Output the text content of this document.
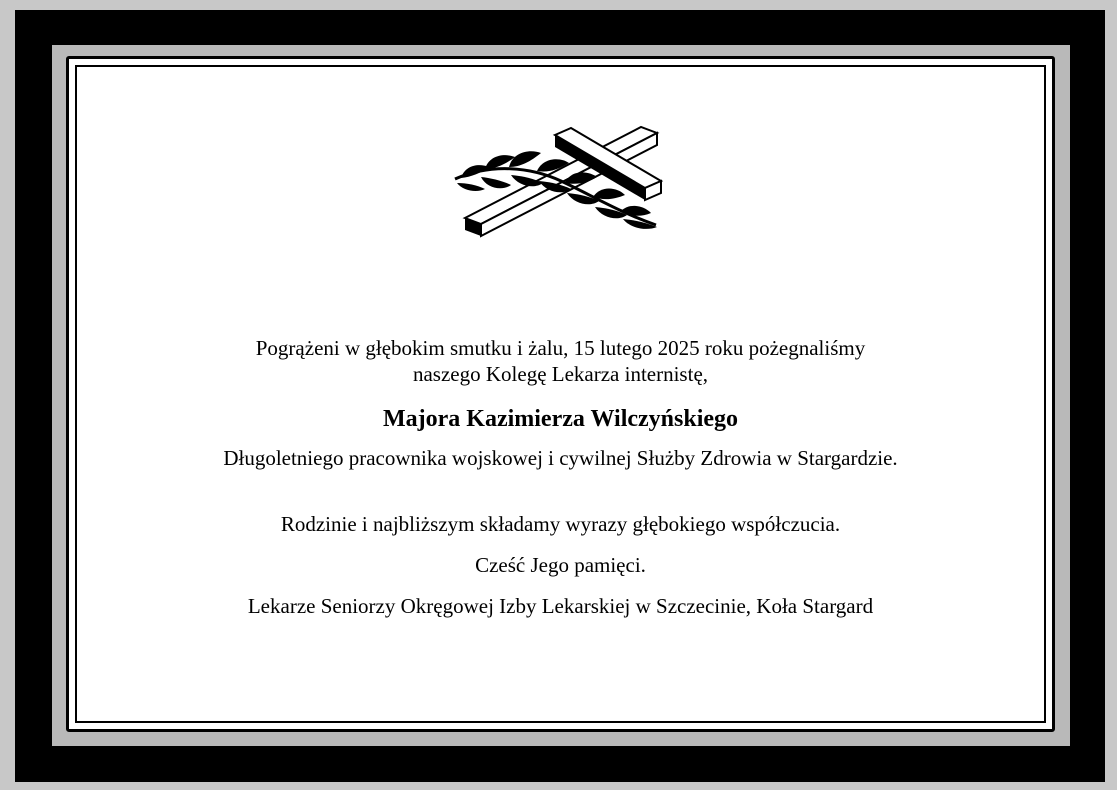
Pogrążeni w głębokim smutku i żalu, 15 lutego 2025 roku pożegnaliśmy
naszego Kolegę Lekarza internistę,
Majora Kazimierza Wilczyńskiego
Długoletniego pracownika wojskowej i cywilnej Służby Zdrowia w Stargardzie.
Rodzinie i najbliższym składamy wyrazy głębokiego współczucia.
Cześć Jego pamięci.
Lekarze Seniorzy Okręgowej Izby Lekarskiej w Szczecinie, Koła Stargard
